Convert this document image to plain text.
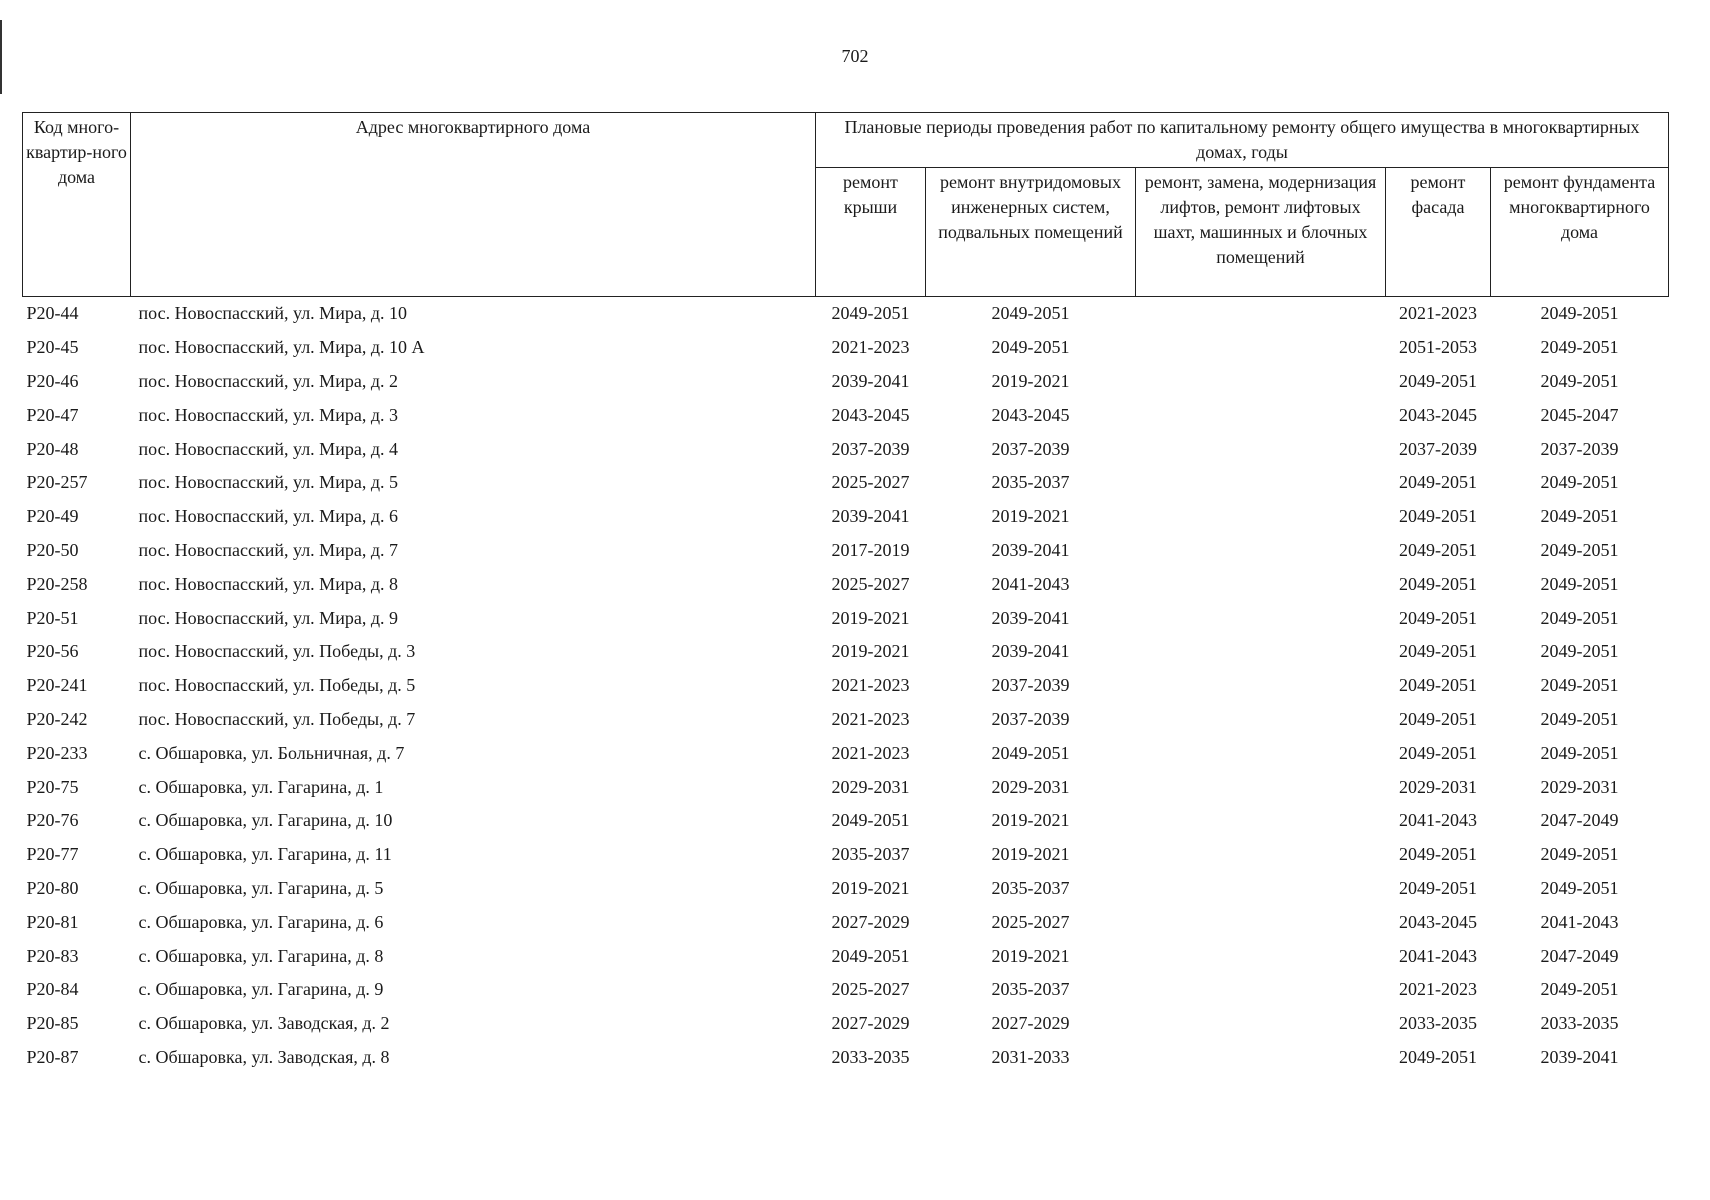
702
Код много-квартир-ного дома	Адрес многоквартирного дома	Плановые периоды проведения работ по капитальному ремонту общего имущества в многоквартирных домах, годы				
		ремонт крыши	ремонт внутридомовых инженерных систем, подвальных помещений	ремонт, замена, модернизация лифтов, ремонт лифтовых шахт, машинных и блочных помещений	ремонт фасада	ремонт фундамента многоквартирного дома
Р20-44	пос. Новоспасский, ул. Мира, д. 10	2049-2051	2049-2051		2021-2023	2049-2051
Р20-45	пос. Новоспасский, ул. Мира, д. 10 А	2021-2023	2049-2051		2051-2053	2049-2051
Р20-46	пос. Новоспасский, ул. Мира, д. 2	2039-2041	2019-2021		2049-2051	2049-2051
Р20-47	пос. Новоспасский, ул. Мира, д. 3	2043-2045	2043-2045		2043-2045	2045-2047
Р20-48	пос. Новоспасский, ул. Мира, д. 4	2037-2039	2037-2039		2037-2039	2037-2039
Р20-257	пос. Новоспасский, ул. Мира, д. 5	2025-2027	2035-2037		2049-2051	2049-2051
Р20-49	пос. Новоспасский, ул. Мира, д. 6	2039-2041	2019-2021		2049-2051	2049-2051
Р20-50	пос. Новоспасский, ул. Мира, д. 7	2017-2019	2039-2041		2049-2051	2049-2051
Р20-258	пос. Новоспасский, ул. Мира, д. 8	2025-2027	2041-2043		2049-2051	2049-2051
Р20-51	пос. Новоспасский, ул. Мира, д. 9	2019-2021	2039-2041		2049-2051	2049-2051
Р20-56	пос. Новоспасский, ул. Победы, д. 3	2019-2021	2039-2041		2049-2051	2049-2051
Р20-241	пос. Новоспасский, ул. Победы, д. 5	2021-2023	2037-2039		2049-2051	2049-2051
Р20-242	пос. Новоспасский, ул. Победы, д. 7	2021-2023	2037-2039		2049-2051	2049-2051
Р20-233	с. Обшаровка, ул. Больничная, д. 7	2021-2023	2049-2051		2049-2051	2049-2051
Р20-75	с. Обшаровка, ул. Гагарина, д. 1	2029-2031	2029-2031		2029-2031	2029-2031
Р20-76	с. Обшаровка, ул. Гагарина, д. 10	2049-2051	2019-2021		2041-2043	2047-2049
Р20-77	с. Обшаровка, ул. Гагарина, д. 11	2035-2037	2019-2021		2049-2051	2049-2051
Р20-80	с. Обшаровка, ул. Гагарина, д. 5	2019-2021	2035-2037		2049-2051	2049-2051
Р20-81	с. Обшаровка, ул. Гагарина, д. 6	2027-2029	2025-2027		2043-2045	2041-2043
Р20-83	с. Обшаровка, ул. Гагарина, д. 8	2049-2051	2019-2021		2041-2043	2047-2049
Р20-84	с. Обшаровка, ул. Гагарина, д. 9	2025-2027	2035-2037		2021-2023	2049-2051
Р20-85	с. Обшаровка, ул. Заводская, д. 2	2027-2029	2027-2029		2033-2035	2033-2035
Р20-87	с. Обшаровка, ул. Заводская, д. 8	2033-2035	2031-2033		2049-2051	2039-2041
